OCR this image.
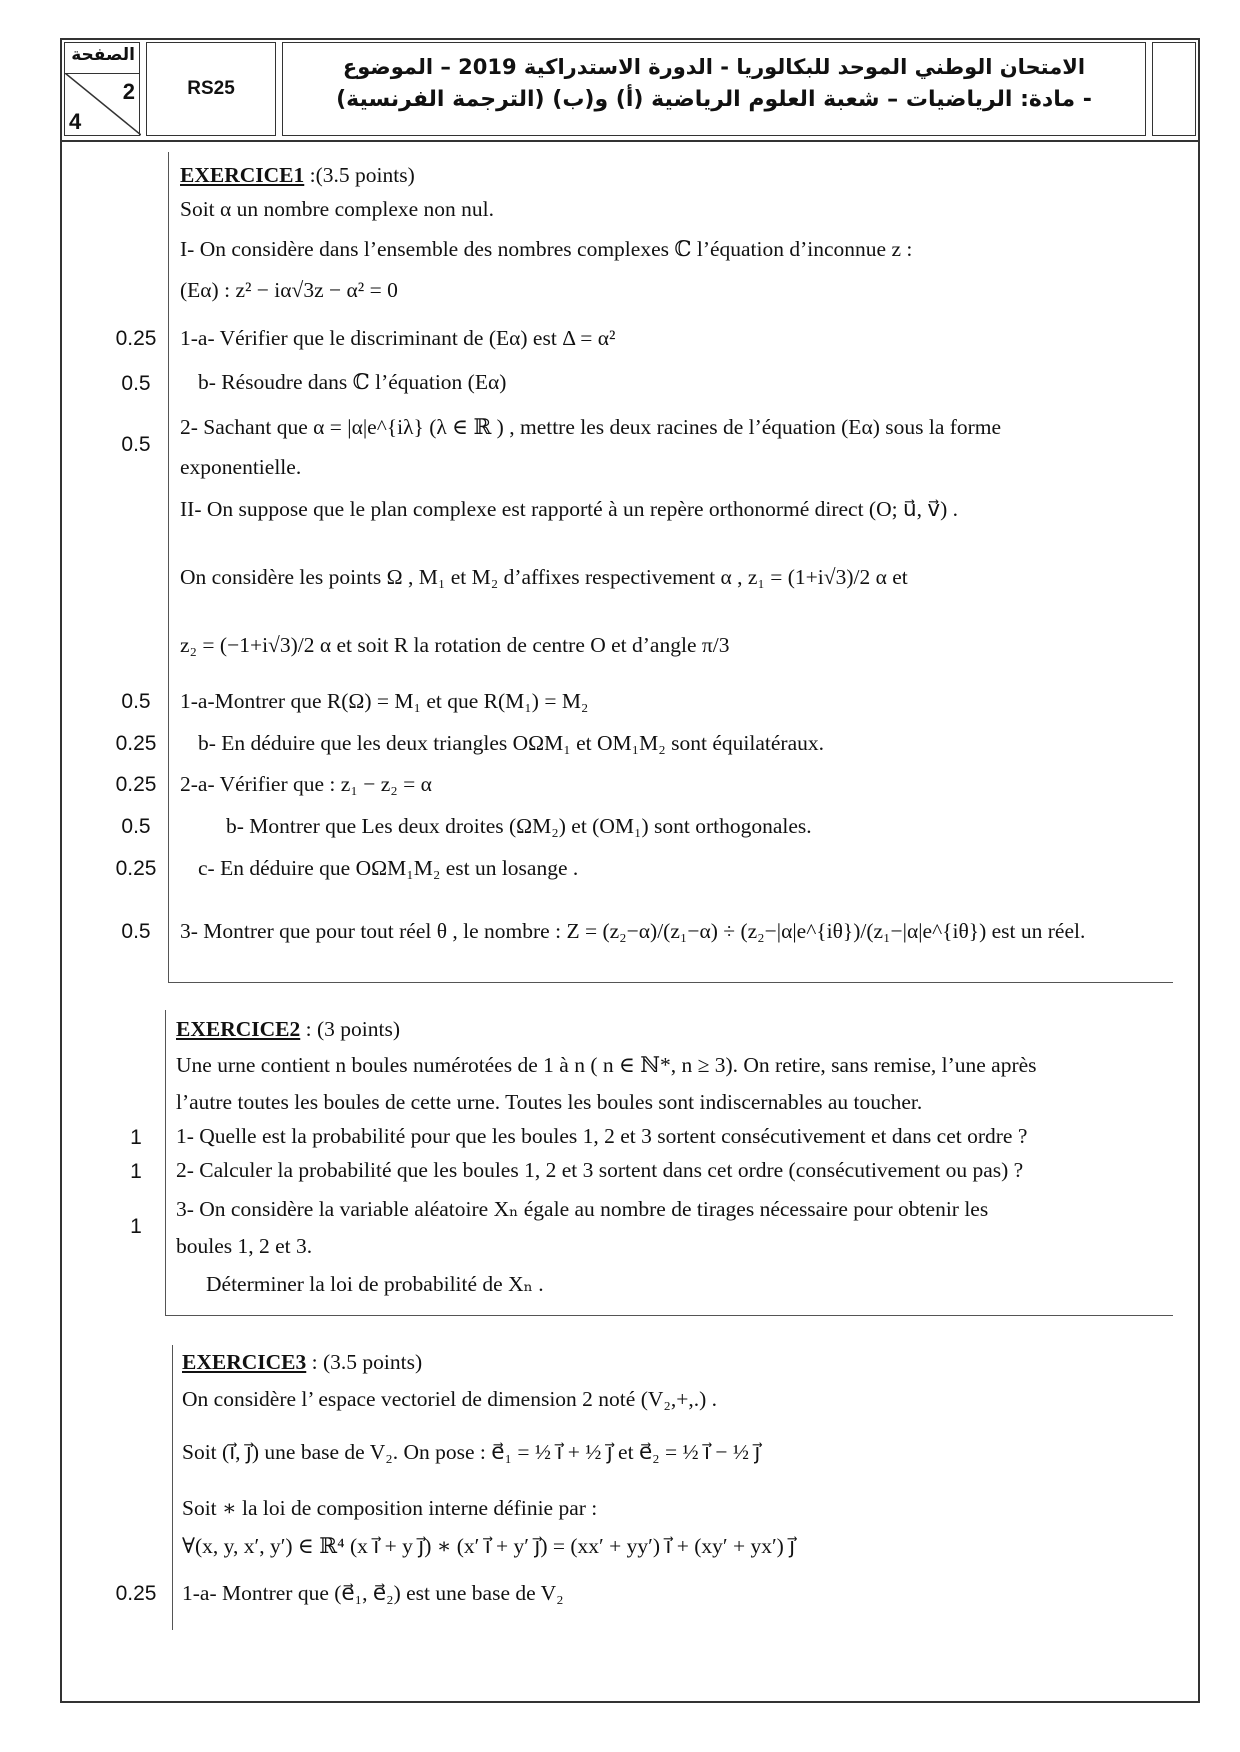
الصفحة
2
4
RS25
الامتحان الوطني الموحد للبكالوريا - الدورة الاستدراكية 2019 – الموضوع
- مادة: الرياضيات – شعبة العلوم الرياضية (أ) و(ب) (الترجمة الفرنسية)
EXERCICE1 :(3.5 points)
Soit α un nombre complexe non nul.
I- On considère dans l’ensemble des nombres complexes ℂ l’équation d’inconnue z :
(Eα) : z² − iα√3z − α² = 0
0.25	1-a- Vérifier que le discriminant de (Eα) est Δ = α²
0.5	b- Résoudre dans ℂ l’équation (Eα)
0.5
2- Sachant que α = |α|e^{iλ} (λ ∈ ℝ ) , mettre les deux racines de l’équation (Eα) sous la forme
exponentielle.
II- On suppose que le plan complexe est rapporté à un repère orthonormé direct (O; u⃗, v⃗) .
On considère les points Ω , M₁ et M₂ d’affixes respectivement α , z₁ = (1+i√3)/2 α et
z₂ = (−1+i√3)/2 α et soit R la rotation de centre O et d’angle π/3
0.5	1-a-Montrer que R(Ω) = M₁ et que R(M₁) = M₂
0.25	b- En déduire que les deux triangles OΩM₁ et OM₁M₂ sont équilatéraux.
0.25	2-a- Vérifier que : z₁ − z₂ = α
0.5	b- Montrer que Les deux droites (ΩM₂) et (OM₁) sont orthogonales.
0.25	c- En déduire que OΩM₁M₂ est un losange .
0.5	3- Montrer que pour tout réel θ , le nombre : Z = (z₂−α)/(z₁−α) ÷ (z₂−|α|e^{iθ})/(z₁−|α|e^{iθ}) est un réel.
EXERCICE2 : (3 points)
Une urne contient n boules numérotées de 1 à n ( n ∈ ℕ*, n ≥ 3). On retire, sans remise, l’une après
l’autre toutes les boules de cette urne. Toutes les boules sont indiscernables au toucher.
1	1- Quelle est la probabilité pour que les boules 1, 2 et 3 sortent consécutivement et dans cet ordre ?
1	2- Calculer la probabilité que les boules 1, 2 et 3 sortent dans cet ordre (consécutivement ou pas) ?
1
3- On considère la variable aléatoire Xₙ égale au nombre de tirages nécessaire pour obtenir les
boules 1, 2 et 3.
Déterminer la loi de probabilité de Xₙ .
EXERCICE3 : (3.5 points)
On considère l’ espace vectoriel de dimension 2 noté (V₂,+,.) .
Soit (i⃗, j⃗) une base de V₂. On pose : e⃗₁ = ½ i⃗ + ½ j⃗ et e⃗₂ = ½ i⃗ − ½ j⃗
Soit ∗ la loi de composition interne définie par :
∀(x, y, x′, y′) ∈ ℝ⁴ (x i⃗ + y j⃗) ∗ (x′ i⃗ + y′ j⃗) = (xx′ + yy′) i⃗ + (xy′ + yx′) j⃗
0.25	1-a- Montrer que (e⃗₁, e⃗₂) est une base de V₂
